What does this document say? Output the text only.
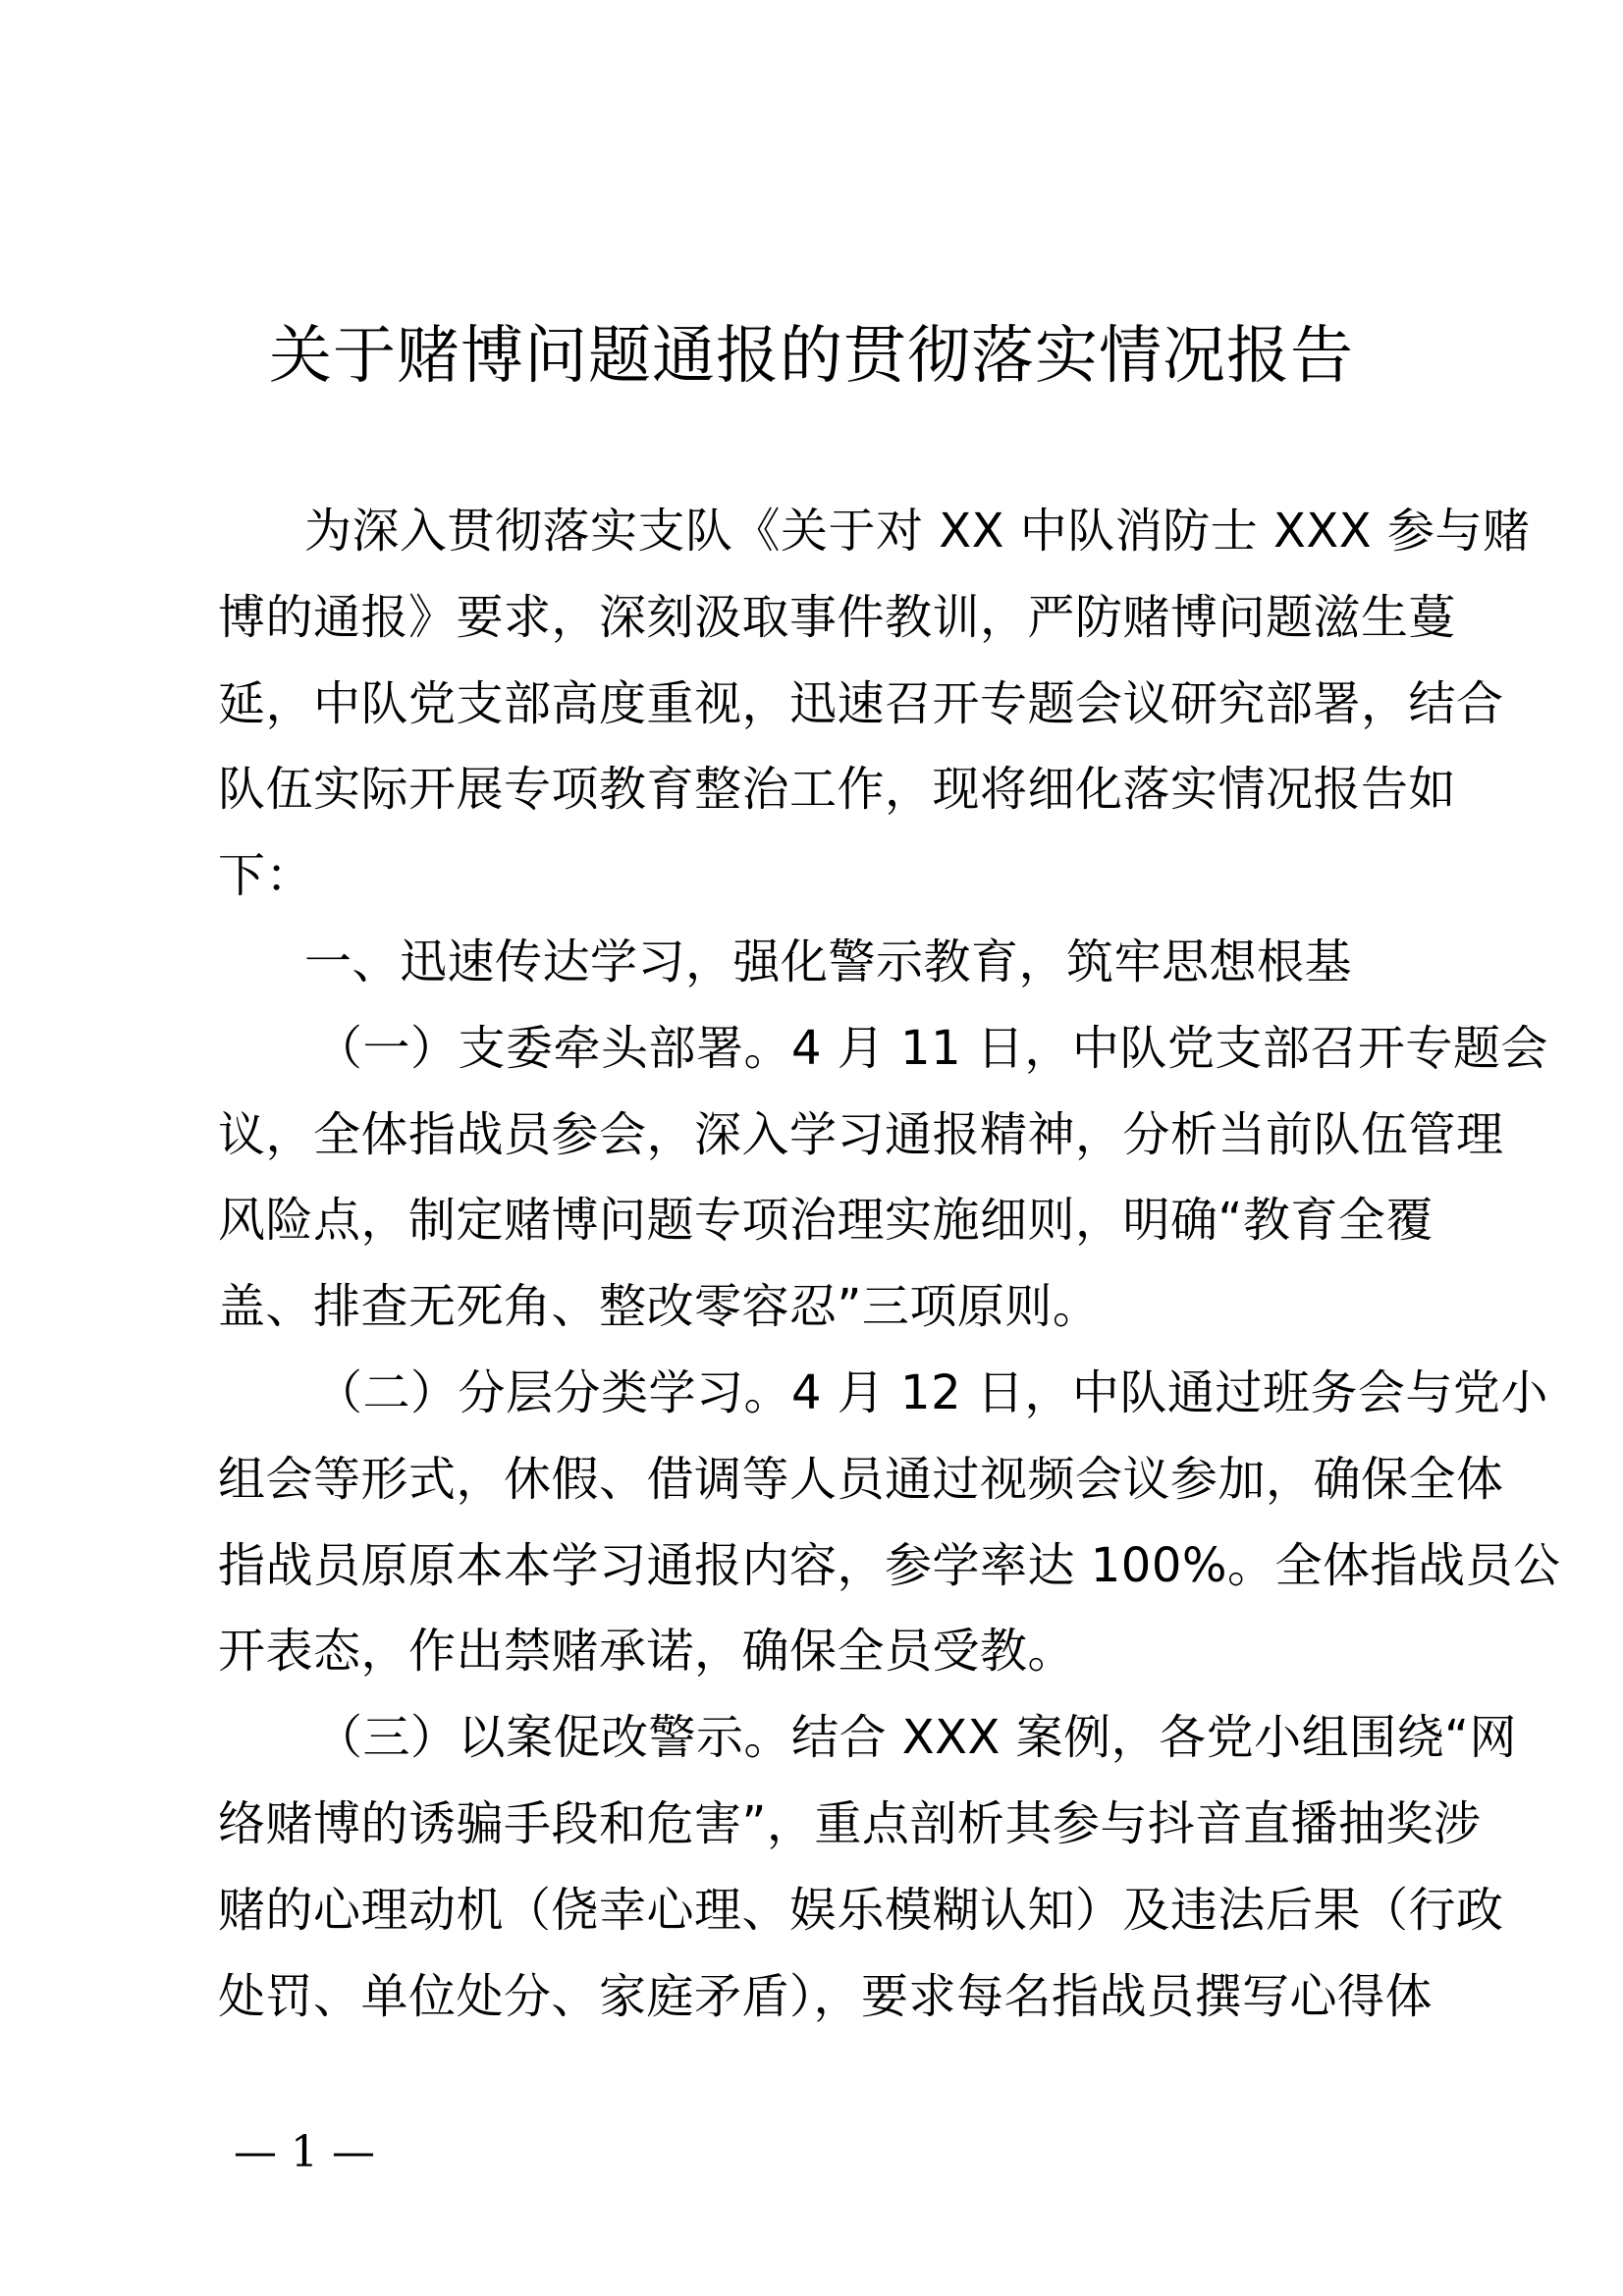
关于赌博问题通报的贯彻落实情况报告
为深入贯彻落实支队《关于对 XX 中队消防士 XXX 参与赌
博的通报》要求，深刻汲取事件教训，严防赌博问题滋生蔓
延，中队党支部高度重视，迅速召开专题会议研究部署，结合
队伍实际开展专项教育整治工作，现将细化落实情况报告如
下：
一、迅速传达学习，强化警示教育，筑牢思想根基
（一）支委牵头部署。4 月 11 日，中队党支部召开专题会
议，全体指战员参会，深入学习通报精神，分析当前队伍管理
风险点，制定赌博问题专项治理实施细则，明确“教育全覆
盖、排查无死角、整改零容忍”三项原则。
（二）分层分类学习。4 月 12 日，中队通过班务会与党小
组会等形式，休假、借调等人员通过视频会议参加，确保全体
指战员原原本本学习通报内容，参学率达 100%。全体指战员公
开表态，作出禁赌承诺，确保全员受教。
（三）以案促改警示。结合 XXX 案例，各党小组围绕“网
络赌博的诱骗手段和危害”，重点剖析其参与抖音直播抽奖涉
赌的心理动机（侥幸心理、娱乐模糊认知）及违法后果（行政
处罚、单位处分、家庭矛盾），要求每名指战员撰写心得体
— 1 —
